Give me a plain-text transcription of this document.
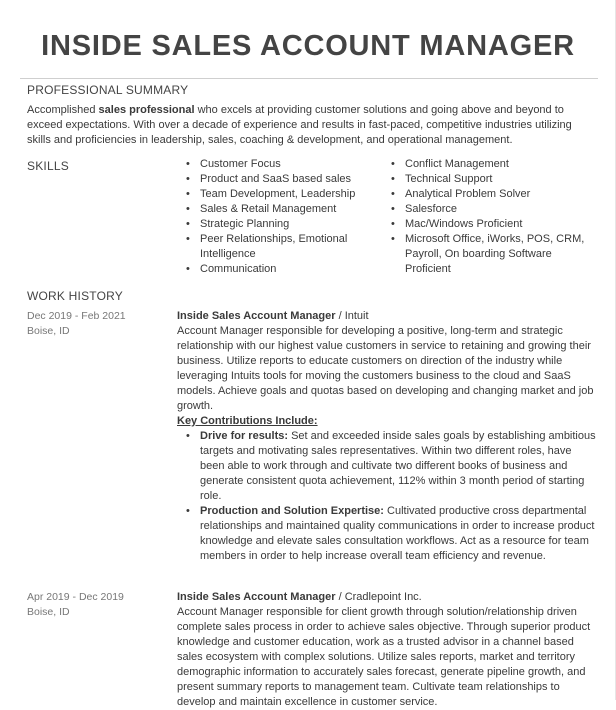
INSIDE SALES ACCOUNT MANAGER
PROFESSIONAL SUMMARY

Accomplished sales professional who excels at providing customer solutions and going above and beyond to exceed expectations. With over a decade of experience and results in fast-paced, competitive industries utilizing skills and proficiencies in leadership, sales, coaching & development, and operational management.

SKILLS
•	Customer Focus
• Product and SaaS based sales
• Team Development, Leadership
• Sales & Retail Management
• Strategic Planning
• Peer Relationships, Emotional Intelligence
• Communication
• Conflict Management
• Technical Support
• Analytical Problem Solver
• Salesforce
• Mac/Windows Proficient
• Microsoft Office, iWorks, POS, CRM, Payroll, On boarding Software Proficient
WORK HISTORY
Dec 2019 - Feb 2021
Boise, ID
Inside Sales Account Manager / Intuit

Account Manager responsible for developing a positive, long-term and strategic relationship with our highest value customers in service to retaining and growing their business. Utilize reports to educate customers on direction of the industry while leveraging Intuits tools for moving the customers business to the cloud and SaaS models. Achieve goals and quotas based on developing and changing market and job growth.

Key Contributions Include:
• Drive for results: Set and exceeded inside sales goals by establishing ambitious targets and motivating sales representatives. Within two different roles, have been able to work through and cultivate two different books of business and generate consistent quota achievement, 112% within 3 month period of starting role.
• Production and Solution Expertise: Cultivated productive cross departmental relationships and maintained quality communications in order to increase product knowledge and elevate sales consultation workflows. Act as a resource for team members in order to help increase overall team efficiency and revenue.
Apr 2019 - Dec 2019
Boise, ID
Inside Sales Account Manager / Cradlepoint Inc.

Account Manager responsible for client growth through solution/relationship driven complete sales process in order to achieve sales objective. Through superior product knowledge and customer education, work as a trusted advisor in a channel based sales ecosystem with complex solutions. Utilize sales reports, market and territory demographic information to accurately sales forecast, generate pipeline growth, and present summary reports to management team. Cultivate team relationships to develop and maintain excellence in customer service.
